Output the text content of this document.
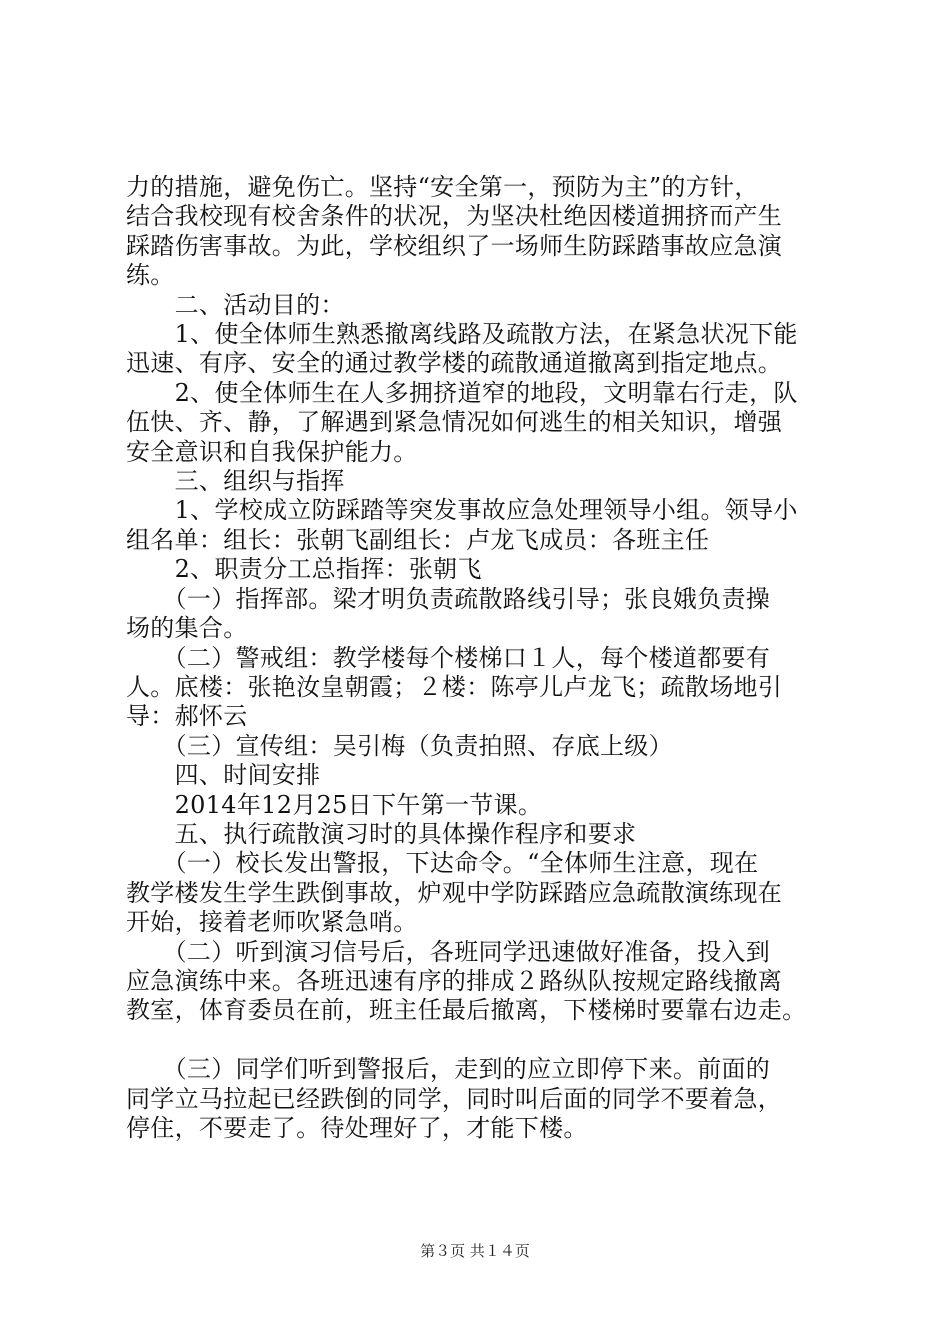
力的措施，避免伤亡。坚持“安全第一，预防为主”的方针，
结合我校现有校舍条件的状况，为坚决杜绝因楼道拥挤而产生
踩踏伤害事故。为此，学校组织了一场师生防踩踏事故应急演
练。
　　二、活动目的：
　　1、使全体师生熟悉撤离线路及疏散方法，在紧急状况下能
迅速、有序、安全的通过教学楼的疏散通道撤离到指定地点。
　　2、使全体师生在人多拥挤道窄的地段，文明靠右行走，队
伍快、齐、静，了解遇到紧急情况如何逃生的相关知识，增强
安全意识和自我保护能力。
　　三、组织与指挥
　　1、学校成立防踩踏等突发事故应急处理领导小组。领导小
组名单：组长：张朝飞副组长：卢龙飞成员：各班主任
　　2、职责分工总指挥：张朝飞
　　（一）指挥部。梁才明负责疏散路线引导；张良娥负责操
场的集合。
　　（二）警戒组：教学楼每个楼梯口１人，每个楼道都要有
人。底楼：张艳汝皇朝霞；２楼：陈亭儿卢龙飞；疏散场地引
导：郝怀云
　　（三）宣传组：吴引梅（负责拍照、存底上级）
　　四、时间安排
　　2014年12月25日下午第一节课。
　　五、执行疏散演习时的具体操作程序和要求
　　（一）校长发出警报，下达命令。“全体师生注意，现在
教学楼发生学生跌倒事故，炉观中学防踩踏应急疏散演练现在
开始，接着老师吹紧急哨。
　　（二）听到演习信号后，各班同学迅速做好准备，投入到
应急演练中来。各班迅速有序的排成２路纵队按规定路线撤离
教室，体育委员在前，班主任最后撤离，下楼梯时要靠右边走。
　　（三）同学们听到警报后，走到的应立即停下来。前面的
同学立马拉起已经跌倒的同学，同时叫后面的同学不要着急，
停住，不要走了。待处理好了，才能下楼。
第３页 共１４页
